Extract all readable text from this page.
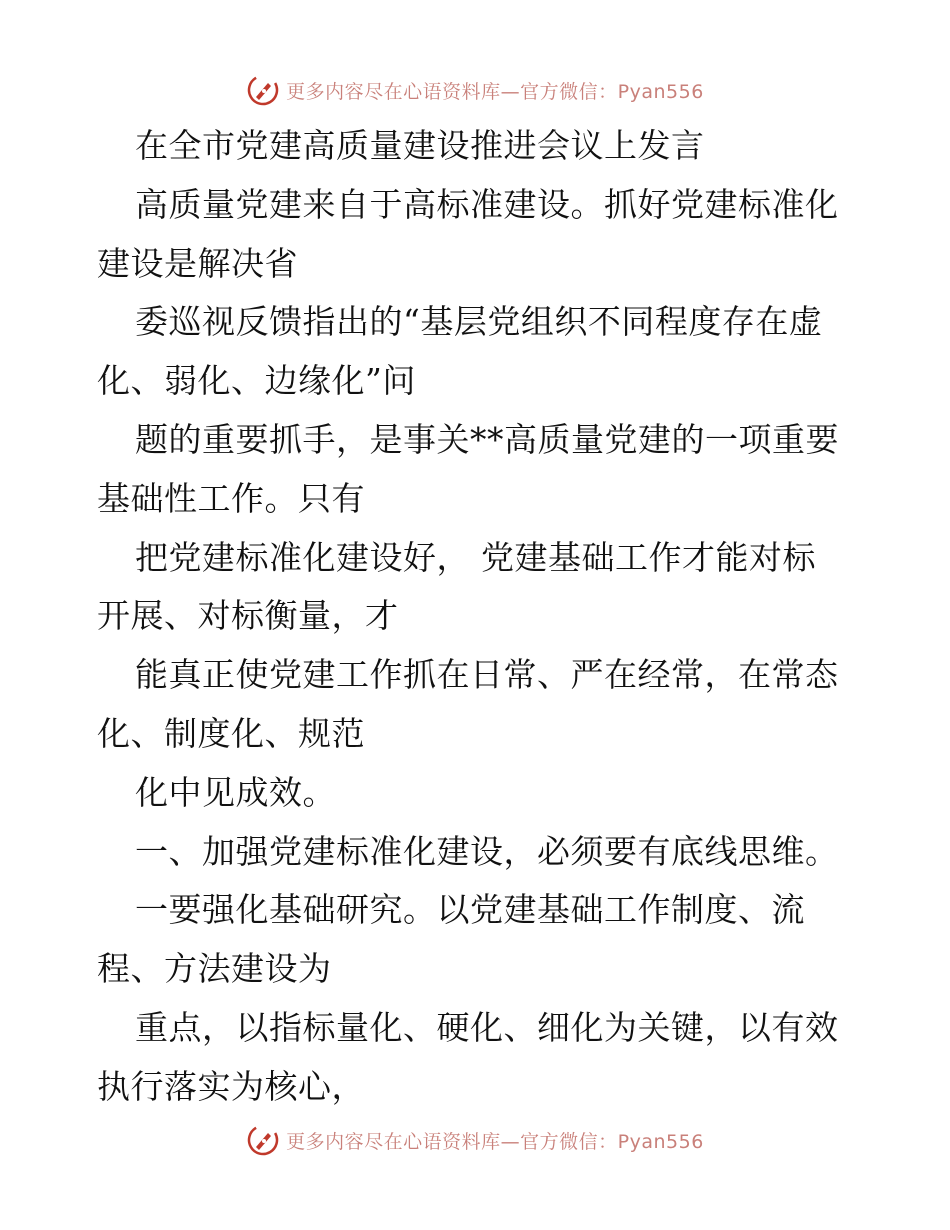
更多内容尽在心语资料库—官方微信：Pyan556
在全市党建高质量建设推进会议上发言
高质量党建来自于高标准建设。抓好党建标准化
建设是解决省
委巡视反馈指出的“基层党组织不同程度存在虚
化、弱化、边缘化”问
题的重要抓手，是事关**高质量党建的一项重要
基础性工作。只有
把党建标准化建设好， 党建基础工作才能对标
开展、对标衡量，才
能真正使党建工作抓在日常、严在经常，在常态
化、制度化、规范
化中见成效。
一、加强党建标准化建设，必须要有底线思维。
一要强化基础研究。以党建基础工作制度、流
程、方法建设为
重点，以指标量化、硬化、细化为关键，以有效
执行落实为核心，
更多内容尽在心语资料库—官方微信：Pyan556
